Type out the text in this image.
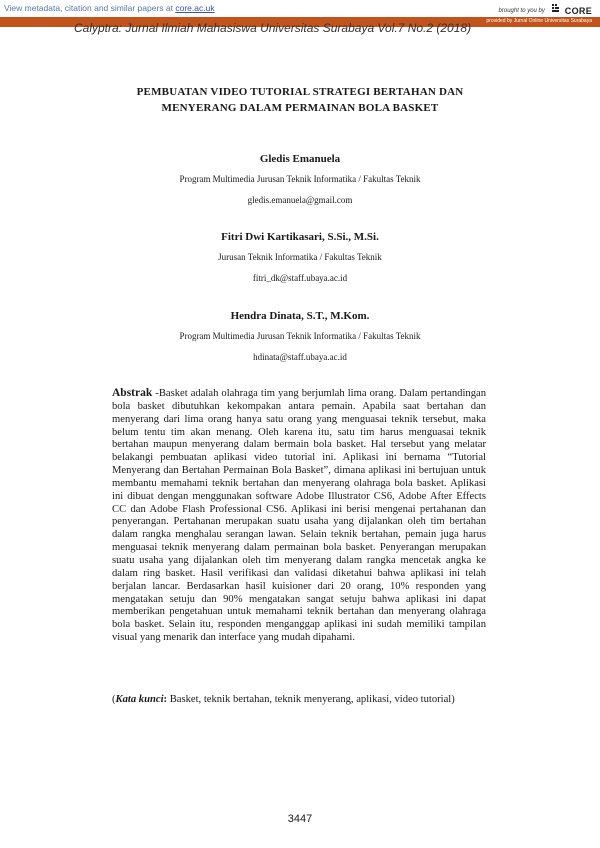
View metadata, citation and similar papers at core.ac.uk	brought to you by CORE
provided by Jurnal Online Universitas Surabaya
Calyptra: Jurnal Ilmiah Mahasiswa Universitas Surabaya Vol.7 No.2 (2018)
PEMBUATAN VIDEO TUTORIAL STRATEGI BERTAHAN DAN
MENYERANG DALAM PERMAINAN BOLA BASKET
Gledis Emanuela
Program Multimedia Jurusan Teknik Informatika / Fakultas Teknik
gledis.emanuela@gmail.com
Fitri Dwi Kartikasari, S.Si., M.Si.
Jurusan Teknik Informatika / Fakultas Teknik
fitri_dk@staff.ubaya.ac.id
Hendra Dinata, S.T., M.Kom.
Program Multimedia Jurusan Teknik Informatika / Fakultas Teknik
hdinata@staff.ubaya.ac.id
Abstrak -Basket adalah olahraga tim yang berjumlah lima orang. Dalam pertandingan bola basket dibutuhkan kekompakan antara pemain. Apabila saat bertahan dan menyerang dari lima orang hanya satu orang yang menguasai teknik tersebut, maka belum tentu tim akan menang. Oleh karena itu, satu tim harus menguasai teknik bertahan maupun menyerang dalam bermain bola basket. Hal tersebut yang melatar belakangi pembuatan aplikasi video tutorial ini. Aplikasi ini bernama “Tutorial Menyerang dan Bertahan Permainan Bola Basket”, dimana aplikasi ini bertujuan untuk membantu memahami teknik bertahan dan menyerang olahraga bola basket. Aplikasi ini dibuat dengan menggunakan software Adobe Illustrator CS6, Adobe After Effects CC dan Adobe Flash Professional CS6. Aplikasi ini berisi mengenai pertahanan dan penyerangan. Pertahanan merupakan suatu usaha yang dijalankan oleh tim bertahan dalam rangka menghalau serangan lawan. Selain teknik bertahan, pemain juga harus menguasai teknik menyerang dalam permainan bola basket. Penyerangan merupakan suatu usaha yang dijalankan oleh tim menyerang dalam rangka mencetak angka ke dalam ring basket. Hasil verifikasi dan validasi diketahui bahwa aplikasi ini telah berjalan lancar. Berdasarkan hasil kuisioner dari 20 orang, 10% responden yang mengatakan setuju dan 90% mengatakan sangat setuju bahwa aplikasi ini dapat memberikan pengetahuan untuk memahami teknik bertahan dan menyerang olahraga bola basket. Selain itu, responden menganggap aplikasi ini sudah memiliki tampilan visual yang menarik dan interface yang mudah dipahami.
(Kata kunci: Basket, teknik bertahan, teknik menyerang, aplikasi, video tutorial)
3447
